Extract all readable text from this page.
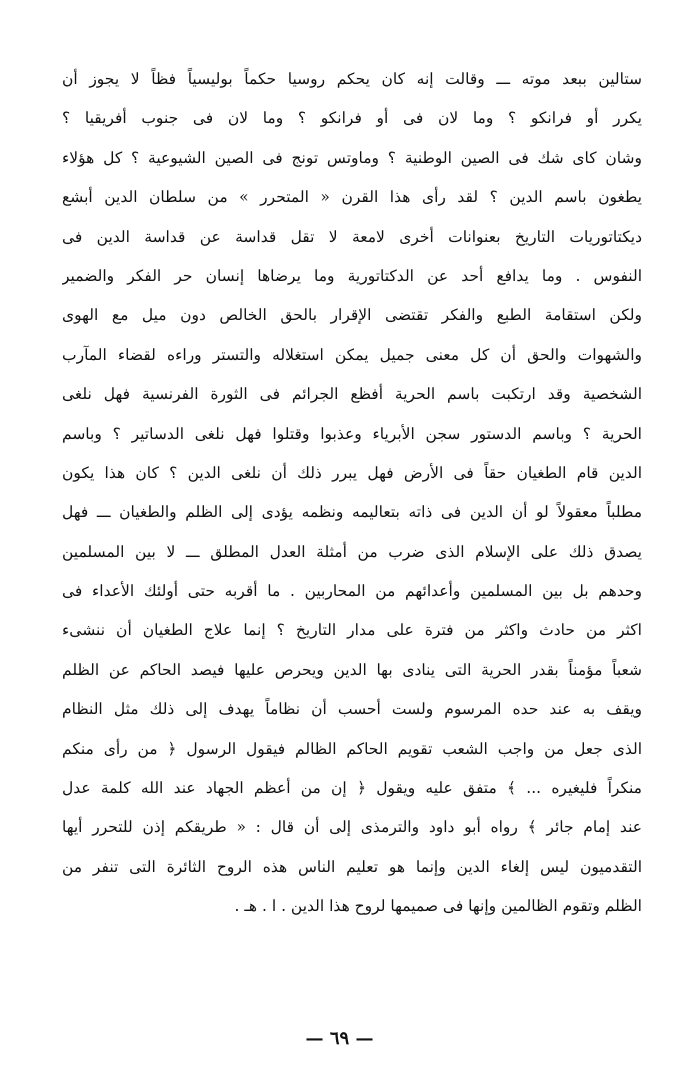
ستالين ‏ببعد موته ـــ وقالت إنه كان يحكم روسيا حكماً بوليسياً فظاً لا يجوز أن
يكرر أو فرانكو ؟ وما لان فى أو فرانكو ؟ وما لان فى جنوب أفريقيا ؟
وشان كاى شك فى الصين الوطنية ؟ وماوتس تونج فى الصين الشيوعية ؟ كل هؤلاء
يطغون باسم الدين ؟ لقد رأى هذا القرن « المتحرر » من سلطان الدين أبشع
ديكتاتوريات التاريخ بعنوانات أخرى لامعة لا تقل قداسة عن قداسة الدين فى
النفوس . وما يدافع أحد عن الدكتاتورية وما يرضاها إنسان حر الفكر والضمير
ولكن استقامة الطبع والفكر تقتضى الإقرار بالحق الخالص دون ميل مع الهوى
والشهوات والحق أن كل معنى جميل يمكن استغلاله والتستر وراءه لقضاء المآرب
الشخصية وقد ارتكبت باسم الحرية أفظع الجرائم فى الثورة الفرنسية فهل نلغى
الحرية ؟ وباسم الدستور سجن الأبرياء وعذبوا وقتلوا فهل نلغى الدساتير ؟ وباسم
الدين قام الطغيان حقاً فى الأرض فهل يبرر ذلك أن نلغى الدين ؟ كان هذا يكون
مطلباً معقولاً لو أن الدين فى ذاته بتعاليمه ونظمه يؤدى إلى الظلم والطغيان ـــ فهل
يصدق ذلك على الإسلام الذى ضرب من أمثلة العدل المطلق ـــ لا بين المسلمين
وحدهم بل بين المسلمين وأعدائهم من المحاربين . ما أقربه حتى أولئك الأعداء فى
اكثر من حادث واكثر من فترة على مدار التاريخ ؟ إنما علاج الطغيان أن ننشىء
شعباً مؤمناً بقدر الحرية التى ينادى بها الدين ويحرص عليها فيصد الحاكم عن الظلم
ويقف به عند حده المرسوم ولست أحسب أن نظاماً يهدف إلى ذلك مثل النظام
الذى جعل من واجب الشعب تقويم الحاكم الظالم فيقول الرسول ﴿ من رأى منكم
منكراً فليغيره ... ﴾ متفق عليه ويقول ﴿ إن من أعظم الجهاد عند الله كلمة عدل
عند إمام جائر ﴾ رواه أبو داود والترمذى إلى أن قال : « طريقكم إذن للتحرر أيها
التقدميون ليس إلغاء الدين وإنما هو تعليم الناس هذه الروح الثائرة التى تنفر من
الظلم وتقوم الظالمين وإنها فى صميمها لروح هذا الدين . ا . هـ .
— ٦٩ —
